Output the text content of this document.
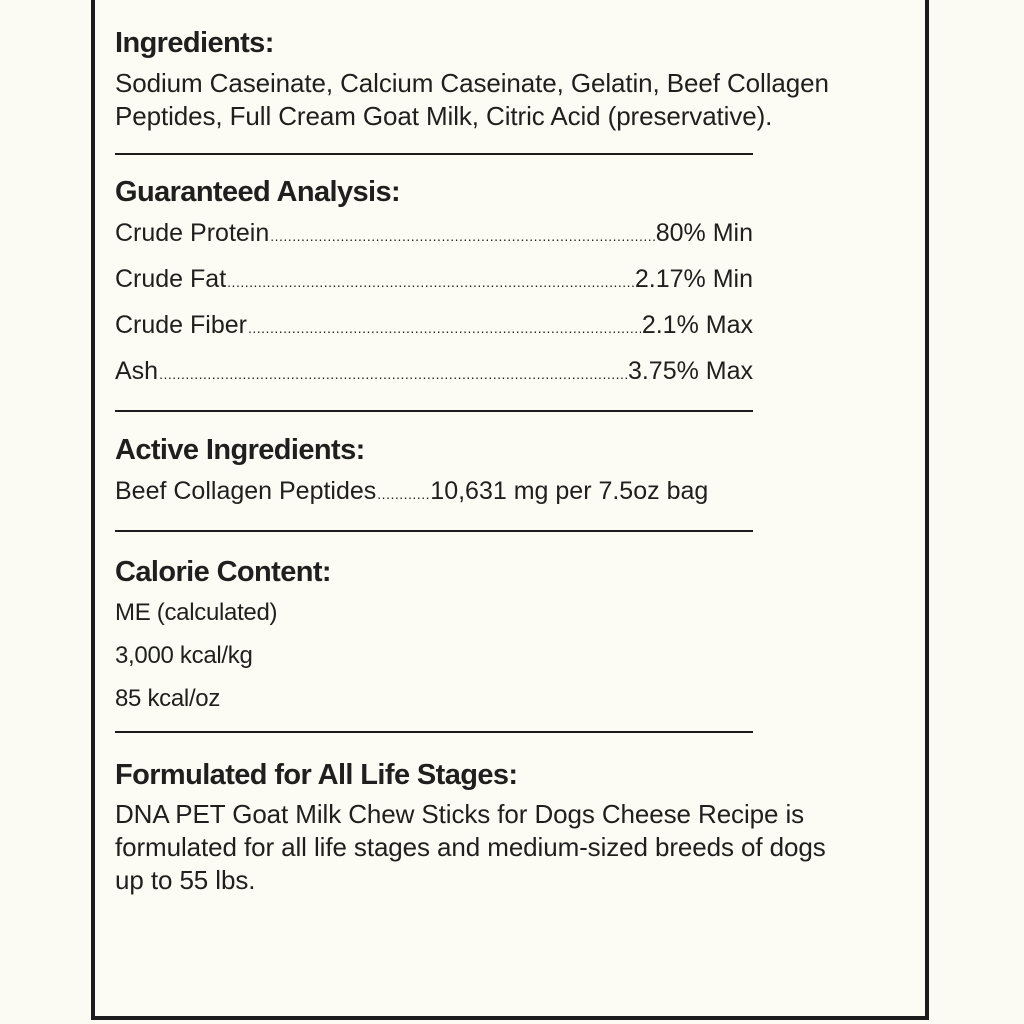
Ingredients:

Sodium Caseinate, Calcium Caseinate, Gelatin, Beef Collagen

Peptides, Full Cream Goat Milk, Citric Acid (preservative).

Guaranteed Analysis:
Crude Protein .....	80% Min
Crude Fat .....	2.17% Min
Crude Fiber .....	2.1% Max
Ash .....	3.75% Max
Active Ingredients:
Beef Collagen Peptides ..... 10,631 mg per 7.5oz bag
Calorie Content:

ME (calculated)

3,000 kcal/kg

85 kcal/oz

Formulated for All Life Stages:

DNA PET Goat Milk Chew Sticks for Dogs Cheese Recipe is

formulated for all life stages and medium-sized breeds of dogs

up to 55 lbs.
